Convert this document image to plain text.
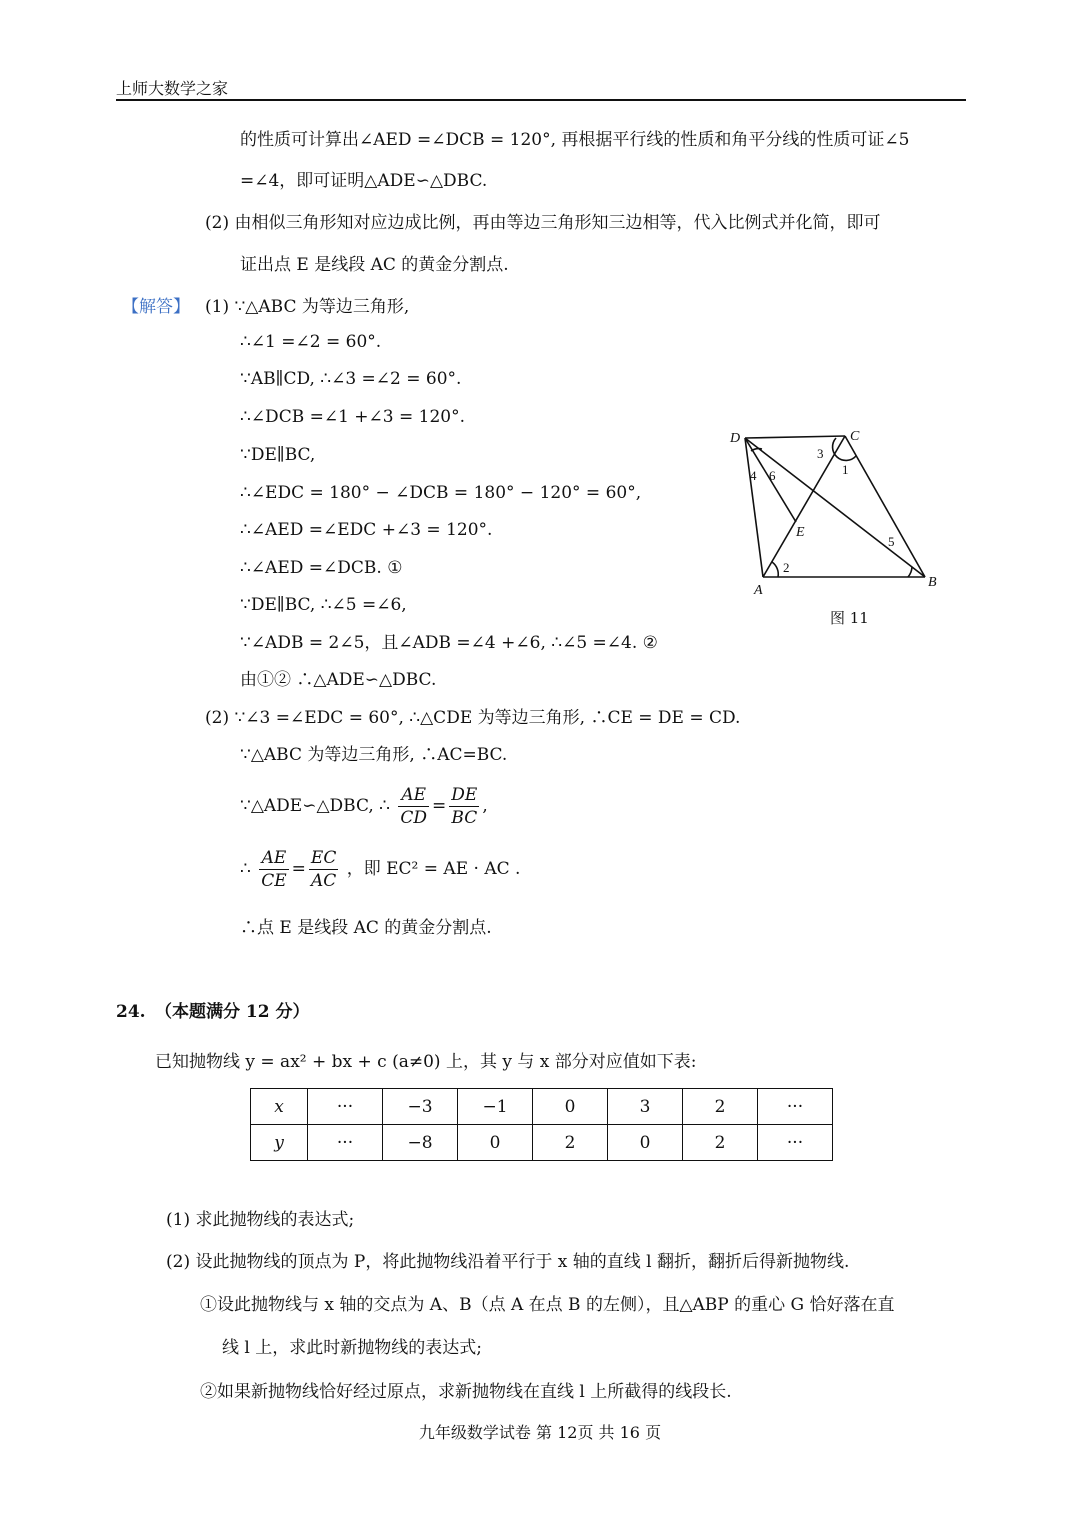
上师大数学之家
的性质可计算出∠AED =∠DCB = 120°, 再根据平行线的性质和角平分线的性质可证∠5
=∠4，即可证明△ADE∽△DBC.
(2) 由相似三角形知对应边成比例，再由等边三角形知三边相等，代入比例式并化简，即可
证出点 E 是线段 AC 的黄金分割点.
【解答】 (1) ∵△ABC 为等边三角形,
∴∠1 =∠2 = 60°.
∵AB∥CD, ∴∠3 =∠2 = 60°.
∴∠DCB =∠1 +∠3 = 120°.
∵DE∥BC,
∴∠EDC = 180° − ∠DCB = 180° − 120° = 60°,
∴∠AED =∠EDC +∠3 = 120°.
∴∠AED =∠DCB. ①
∵DE∥BC, ∴∠5 =∠6,
∵∠ADB = 2∠5，且∠ADB =∠4 +∠6, ∴∠5 =∠4. ②
由①② ∴△ADE∽△DBC.
(2) ∵∠3 =∠EDC = 60°, ∴△CDE 为等边三角形, ∴CE = DE = CD.
∵△ABC 为等边三角形, ∴AC=BC.
∵△ADE∽△DBC, ∴ $\frac{AE}{CD} = \frac{DE}{BC}$ ,
∴ $\frac{AE}{CE} = \frac{EC}{AC}$ ，即 EC² = AE · AC .
∴点 E 是线段 AC 的黄金分割点.
D	C
A
B
E
3
1
4 6
2
5
图 11
24. （本题满分 12 分）
已知抛物线 y = ax² + bx + c (a≠0) 上，其 y 与 x 部分对应值如下表:
x	···	−3	−1	0	3	2	···
y	···	−8	0	2	0	2	···
(1) 求此抛物线的表达式;
(2) 设此抛物线的顶点为 P，将此抛物线沿着平行于 x 轴的直线 l 翻折，翻折后得新抛物线.
①设此抛物线与 x 轴的交点为 A、B（点 A 在点 B 的左侧），且△ABP 的重心 G 恰好落在直
线 l 上，求此时新抛物线的表达式;
②如果新抛物线恰好经过原点，求新抛物线在直线 l 上所截得的线段长.
九年级数学试卷 第 12页 共 16 页
